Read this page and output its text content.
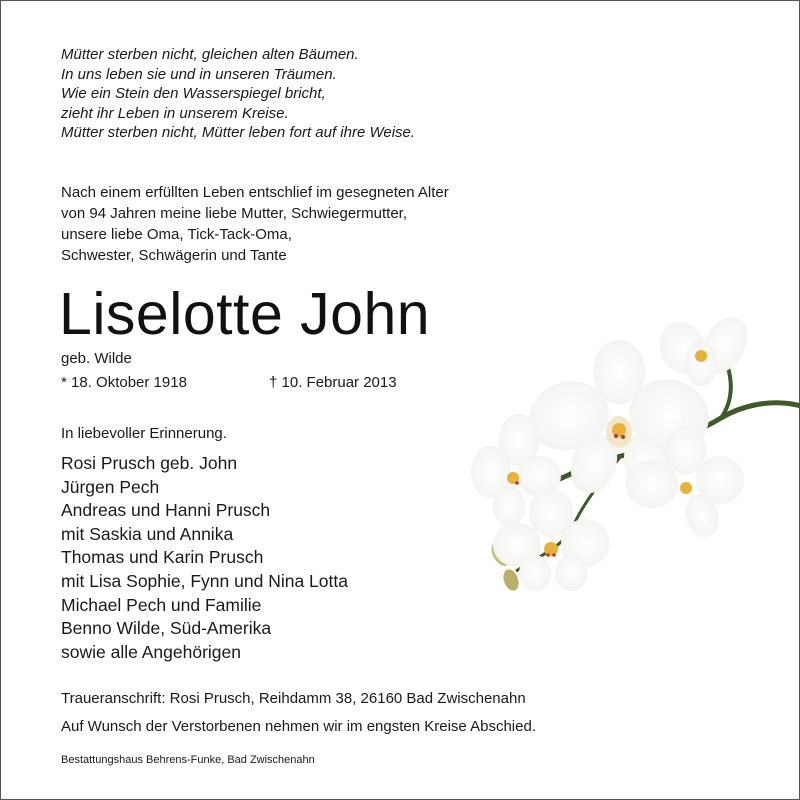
Mütter sterben nicht, gleichen alten Bäumen.
In uns leben sie und in unseren Träumen.
Wie ein Stein den Wasserspiegel bricht,
zieht ihr Leben in unserem Kreise.
Mütter sterben nicht, Mütter leben fort auf ihre Weise.
Nach einem erfüllten Leben entschlief im gesegneten Alter
von 94 Jahren meine liebe Mutter, Schwiegermutter,
unsere liebe Oma, Tick-Tack-Oma,
Schwester, Schwägerin und Tante
Liselotte John
geb. Wilde
* 18. Oktober 1918	† 10. Februar 2013
In liebevoller Erinnerung.
Rosi Prusch geb. John
Jürgen Pech
Andreas und Hanni Prusch
mit Saskia und Annika
Thomas und Karin Prusch
mit Lisa Sophie, Fynn und Nina Lotta
Michael Pech und Familie
Benno Wilde, Süd-Amerika
sowie alle Angehörigen
Traueranschrift: Rosi Prusch, Reihdamm 38, 26160 Bad Zwischenahn
Auf Wunsch der Verstorbenen nehmen wir im engsten Kreise Abschied.
Bestattungshaus Behrens-Funke, Bad Zwischenahn
